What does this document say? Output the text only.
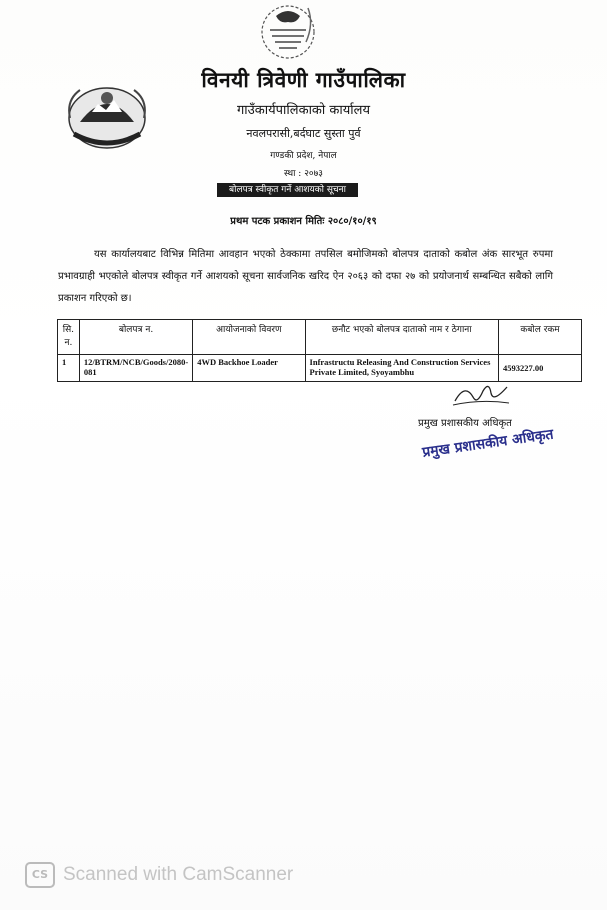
विनयी त्रिवेणी गाउँपालिका
गाउँकार्यपालिकाको कार्यालय
नवलपरासी,बर्दघाट सुस्ता पुर्व
गण्डकी प्रदेश, नेपाल
स्था : २०७३
बोलपत्र स्वीकृत गर्ने आशयको सूचना
प्रथम पटक प्रकाशन मितिः २०८०/१०/१९
यस कार्यालयबाट विभिन्न मितिमा आवहान भएको ठेक्कामा तपसिल बमोजिमको बोलपत्र दाताको कबोल अंक सारभूत रुपमा प्रभावग्राही भएकोले बोलपत्र स्वीकृत गर्ने आशयको सूचना सार्वजनिक खरिद ऐन २०६३ को दफा २७ को प्रयोजनार्थ सम्बन्धित सबैको लागि प्रकाशन गरिएको छ।
सि. न.	बोलपत्र न.	आयोजनाको विवरण	छनौट भएको बोलपत्र दाताको नाम र ठेगाना	कबोल रकम
1	12/BTRM/NCB/Goods/2080-081	4WD Backhoe Loader	Infrastructu Releasing And Construction Services Private Limited, Syoyambhu	4593227.00
प्रमुख प्रशासकीय अधिकृत
प्रमुख प्रशासकीय अधिकृत
CS Scanned with CamScanner
